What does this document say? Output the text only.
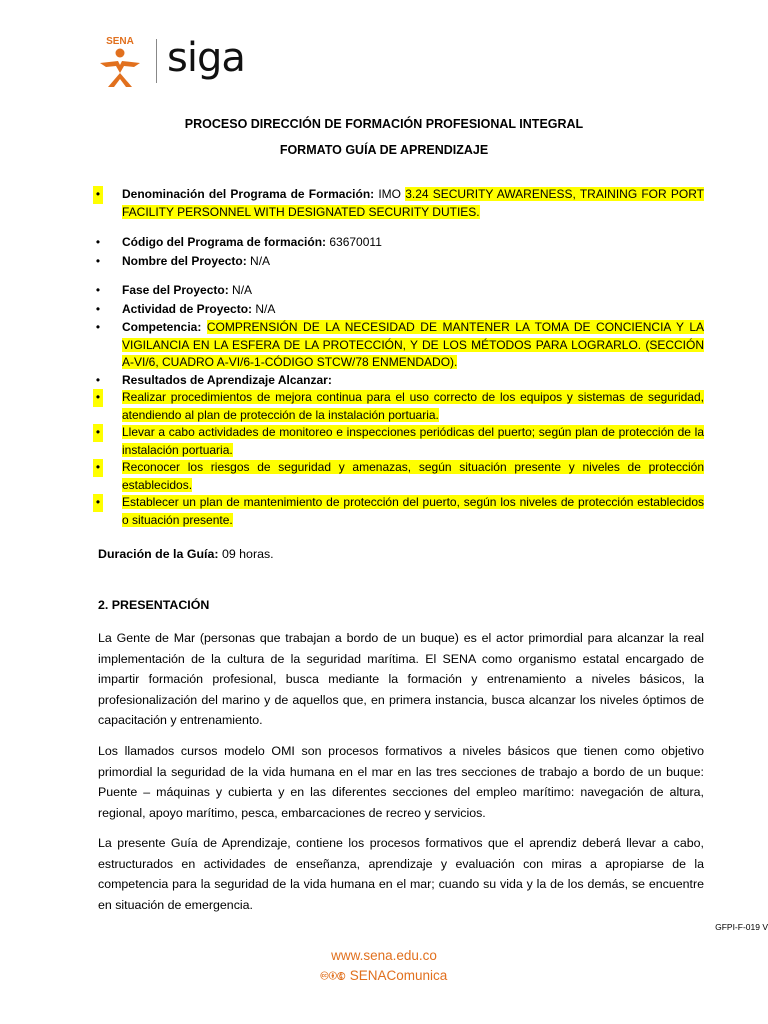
SENA siga
PROCESO DIRECCIÓN DE FORMACIÓN PROFESIONAL INTEGRAL
FORMATO GUÍA DE APRENDIZAJE
•	Denominación del Programa de Formación: IMO 3.24 SECURITY AWARENESS, TRAINING FOR PORT FACILITY PERSONNEL WITH DESIGNATED SECURITY DUTIES.
•	Código del Programa de formación: 63670011
•	Nombre del Proyecto: N/A
•	Fase del Proyecto: N/A
•	Actividad de Proyecto: N/A
•	Competencia: COMPRENSIÓN DE LA NECESIDAD DE MANTENER LA TOMA DE CONCIENCIA Y LA VIGILANCIA EN LA ESFERA DE LA PROTECCIÓN, Y DE LOS MÉTODOS PARA LOGRARLO. (SECCIÓN A-VI/6, CUADRO A-VI/6-1-CÓDIGO STCW/78 ENMENDADO).
•	Resultados de Aprendizaje Alcanzar:
•	Realizar procedimientos de mejora continua para el uso correcto de los equipos y sistemas de seguridad, atendiendo al plan de protección de la instalación portuaria.
•	Llevar a cabo actividades de monitoreo e inspecciones periódicas del puerto; según plan de protección de la instalación portuaria.
•	Reconocer los riesgos de seguridad y amenazas, según situación presente y niveles de protección establecidos.
•	Establecer un plan de mantenimiento de protección del puerto, según los niveles de protección establecidos o situación presente.
Duración de la Guía: 09 horas.
2. PRESENTACIÓN
La Gente de Mar (personas que trabajan a bordo de un buque) es el actor primordial para alcanzar la real implementación de la cultura de la seguridad marítima. El SENA como organismo estatal encargado de impartir formación profesional, busca mediante la formación y entrenamiento a niveles básicos, la profesionalización del marino y de aquellos que, en primera instancia, busca alcanzar los niveles óptimos de capacitación y entrenamiento.
Los llamados cursos modelo OMI son procesos formativos a niveles básicos que tienen como objetivo primordial la seguridad de la vida humana en el mar en las tres secciones de trabajo a bordo de un buque: Puente – máquinas y cubierta y en las diferentes secciones del empleo marítimo: navegación de altura, regional, apoyo marítimo, pesca, embarcaciones de recreo y servicios.
La presente Guía de Aprendizaje, contiene los procesos formativos que el aprendiz deberá llevar a cabo, estructurados en actividades de enseñanza, aprendizaje y evaluación con miras a apropiarse de la competencia para la seguridad de la vida humana en el mar; cuando su vida y la de los demás, se encuentre en situación de emergencia.
GFPI-F-019 V
www.sena.edu.co
🅭🅯🅮 SENAComunica
